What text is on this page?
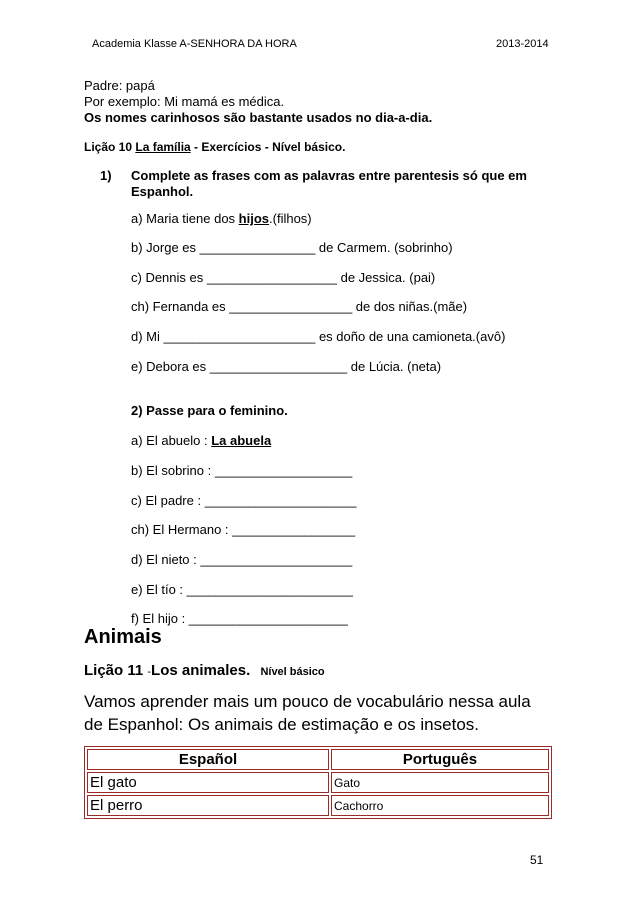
Academia Klasse A-SENHORA DA HORA	2013-2014
Padre: papá
Por exemplo: Mi mamá es médica.
Os nomes carinhosos são bastante usados no dia-a-dia.
Lição 10 La família - Exercícios - Nível básico.
1) Complete as frases com as palavras entre parentesis só que em
Espanhol.
a) Maria tiene dos hijos.(filhos)
b) Jorge es ________________ de Carmem. (sobrinho)
c) Dennis es __________________ de Jessica. (pai)
ch) Fernanda es _________________ de dos niñas.(mãe)
d) Mi _____________________ es doño de una camioneta.(avô)
e) Debora es ___________________ de Lúcia. (neta)
2) Passe para o feminino.
a) El abuelo : La abuela
b) El sobrino : ___________________
c) El padre : _____________________
ch) El Hermano : _________________
d) El nieto : _____________________
e) El tío : _______________________
f) El hijo : ______________________
Animais
Lição 11 -Los animales. Nível básico
Vamos aprender mais um pouco de vocabulário nessa aula de Espanhol: Os animais de estimação e os insetos.
Español	Português
El gato	Gato
El perro	Cachorro
51
